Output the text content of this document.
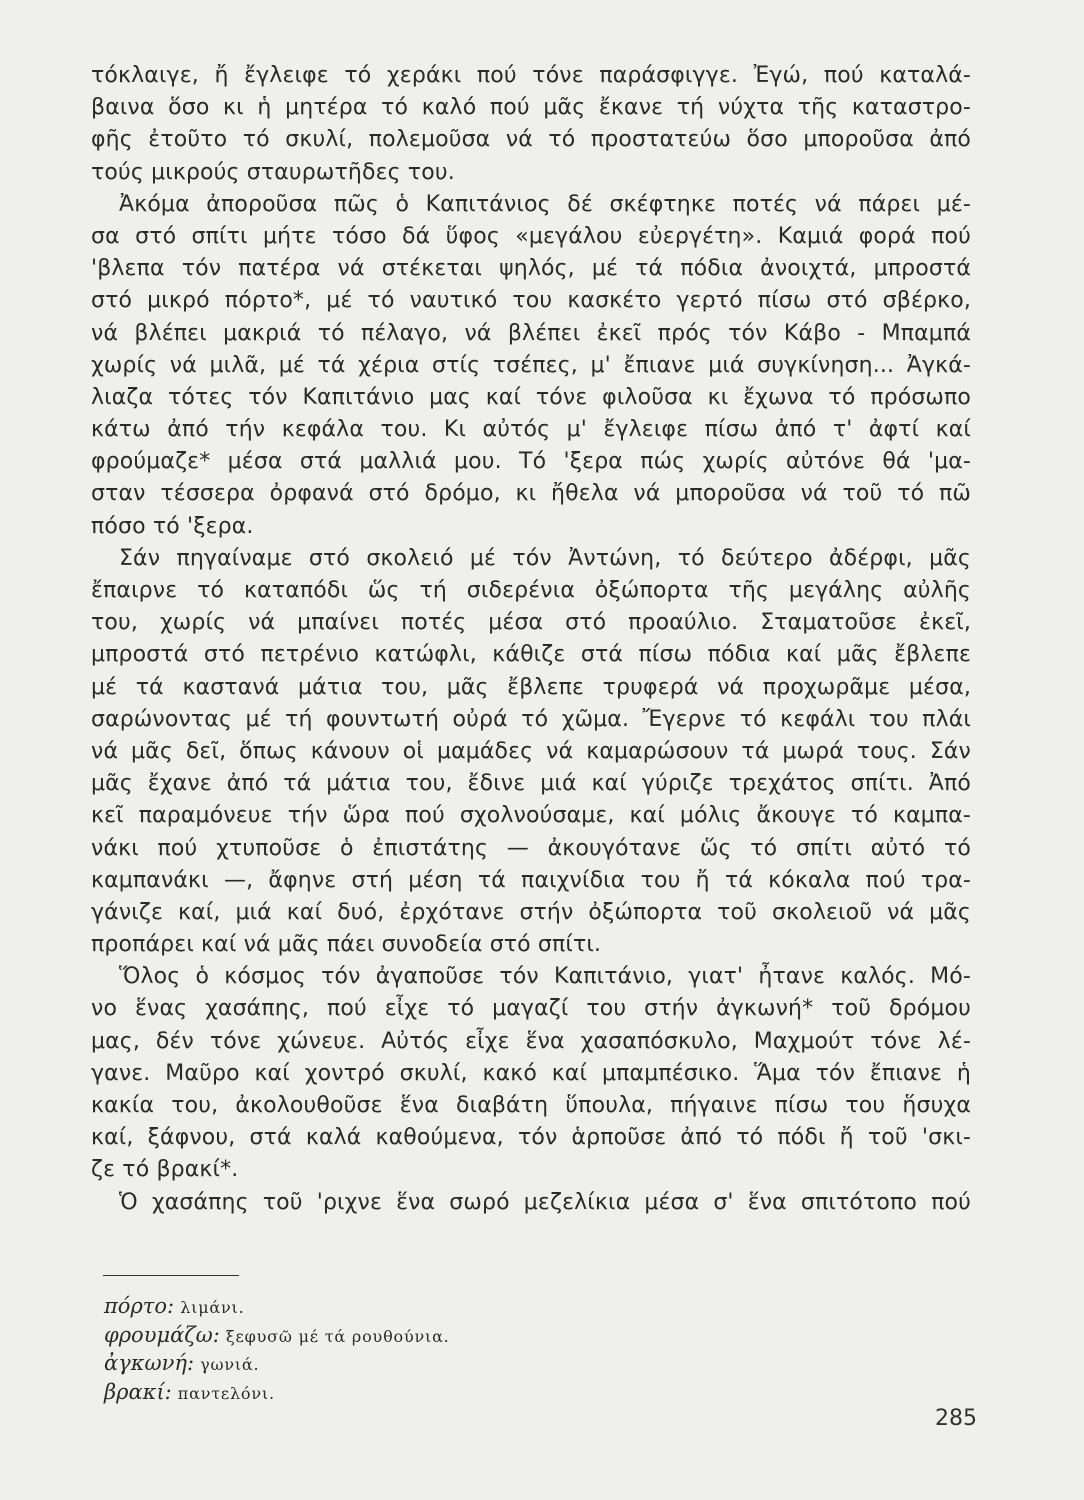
τόκλαιγε, ἤ ἔγλειφε τό χεράκι πού τόνε παράσφιγγε. Ἐγώ, πού καταλά-
βαινα ὅσο κι ἡ μητέρα τό καλό πού μᾶς ἔκανε τή νύχτα τῆς καταστρο-
φῆς ἐτοῦτο τό σκυλί, πολεμοῦσα νά τό προστατεύω ὅσο μποροῦσα ἀπό
τούς μικρούς σταυρωτῆδες του.
Ἀκόμα ἀποροῦσα πῶς ὁ Καπιτάνιος δέ σκέφτηκε ποτές νά πάρει μέ-
σα στό σπίτι μήτε τόσο δά ὕφος «μεγάλου εὐεργέτη». Καμιά φορά πού
'βλεπα τόν πατέρα νά στέκεται ψηλός, μέ τά πόδια ἀνοιχτά, μπροστά
στό μικρό πόρτο*, μέ τό ναυτικό του κασκέτο γερτό πίσω στό σβέρκο,
νά βλέπει μακριά τό πέλαγο, νά βλέπει ἐκεῖ πρός τόν Κάβο - Μπαμπά
χωρίς νά μιλᾶ, μέ τά χέρια στίς τσέπες, μ' ἔπιανε μιά συγκίνηση... Ἀγκά-
λιαζα τότες τόν Καπιτάνιο μας καί τόνε φιλοῦσα κι ἔχωνα τό πρόσωπο
κάτω ἀπό τήν κεφάλα του. Κι αὐτός μ' ἔγλειφε πίσω ἀπό τ' ἀφτί καί
φρούμαζε* μέσα στά μαλλιά μου. Τό 'ξερα πώς χωρίς αὐτόνε θά 'μα-
σταν τέσσερα ὀρφανά στό δρόμο, κι ἤθελα νά μποροῦσα νά τοῦ τό πῶ
πόσο τό 'ξερα.
Σάν πηγαίναμε στό σκολειό μέ τόν Ἀντώνη, τό δεύτερο ἀδέρφι, μᾶς
ἔπαιρνε τό καταπόδι ὥς τή σιδερένια ὀξώπορτα τῆς μεγάλης αὐλῆς
του, χωρίς νά μπαίνει ποτές μέσα στό προαύλιο. Σταματοῦσε ἐκεῖ,
μπροστά στό πετρένιο κατώφλι, κάθιζε στά πίσω πόδια καί μᾶς ἔβλεπε
μέ τά καστανά μάτια του, μᾶς ἔβλεπε τρυφερά νά προχωρᾶμε μέσα,
σαρώνοντας μέ τή φουντωτή οὐρά τό χῶμα. Ἔγερνε τό κεφάλι του πλάι
νά μᾶς δεῖ, ὅπως κάνουν οἱ μαμάδες νά καμαρώσουν τά μωρά τους. Σάν
μᾶς ἔχανε ἀπό τά μάτια του, ἔδινε μιά καί γύριζε τρεχάτος σπίτι. Ἀπό
κεῖ παραμόνευε τήν ὥρα πού σχολνούσαμε, καί μόλις ἄκουγε τό καμπα-
νάκι πού χτυποῦσε ὁ ἐπιστάτης — ἀκουγότανε ὥς τό σπίτι αὐτό τό
καμπανάκι —, ἄφηνε στή μέση τά παιχνίδια του ἤ τά κόκαλα πού τρα-
γάνιζε καί, μιά καί δυό, ἐρχότανε στήν ὀξώπορτα τοῦ σκολειοῦ νά μᾶς
προπάρει καί νά μᾶς πάει συνοδεία στό σπίτι.
Ὅλος ὁ κόσμος τόν ἀγαποῦσε τόν Καπιτάνιο, γιατ' ἦτανε καλός. Μό-
νο ἕνας χασάπης, πού εἶχε τό μαγαζί του στήν ἀγκωνή* τοῦ δρόμου
μας, δέν τόνε χώνευε. Αὐτός εἶχε ἕνα χασαπόσκυλο, Μαχμούτ τόνε λέ-
γανε. Μαῦρο καί χοντρό σκυλί, κακό καί μπαμπέσικο. Ἅμα τόν ἔπιανε ἡ
κακία του, ἀκολουθοῦσε ἕνα διαβάτη ὕπουλα, πήγαινε πίσω του ἥσυχα
καί, ξάφνου, στά καλά καθούμενα, τόν ἁρποῦσε ἀπό τό πόδι ἤ τοῦ 'σκι-
ζε τό βρακί*.
Ὁ χασάπης τοῦ 'ριχνε ἕνα σωρό μεζελίκια μέσα σ' ἕνα σπιτότοπο πού
πόρτο: λιμάνι.
φρουμάζω: ξεφυσῶ μέ τά ρουθούνια.
ἀγκωνή: γωνιά.
βρακί: παντελόνι.
285
